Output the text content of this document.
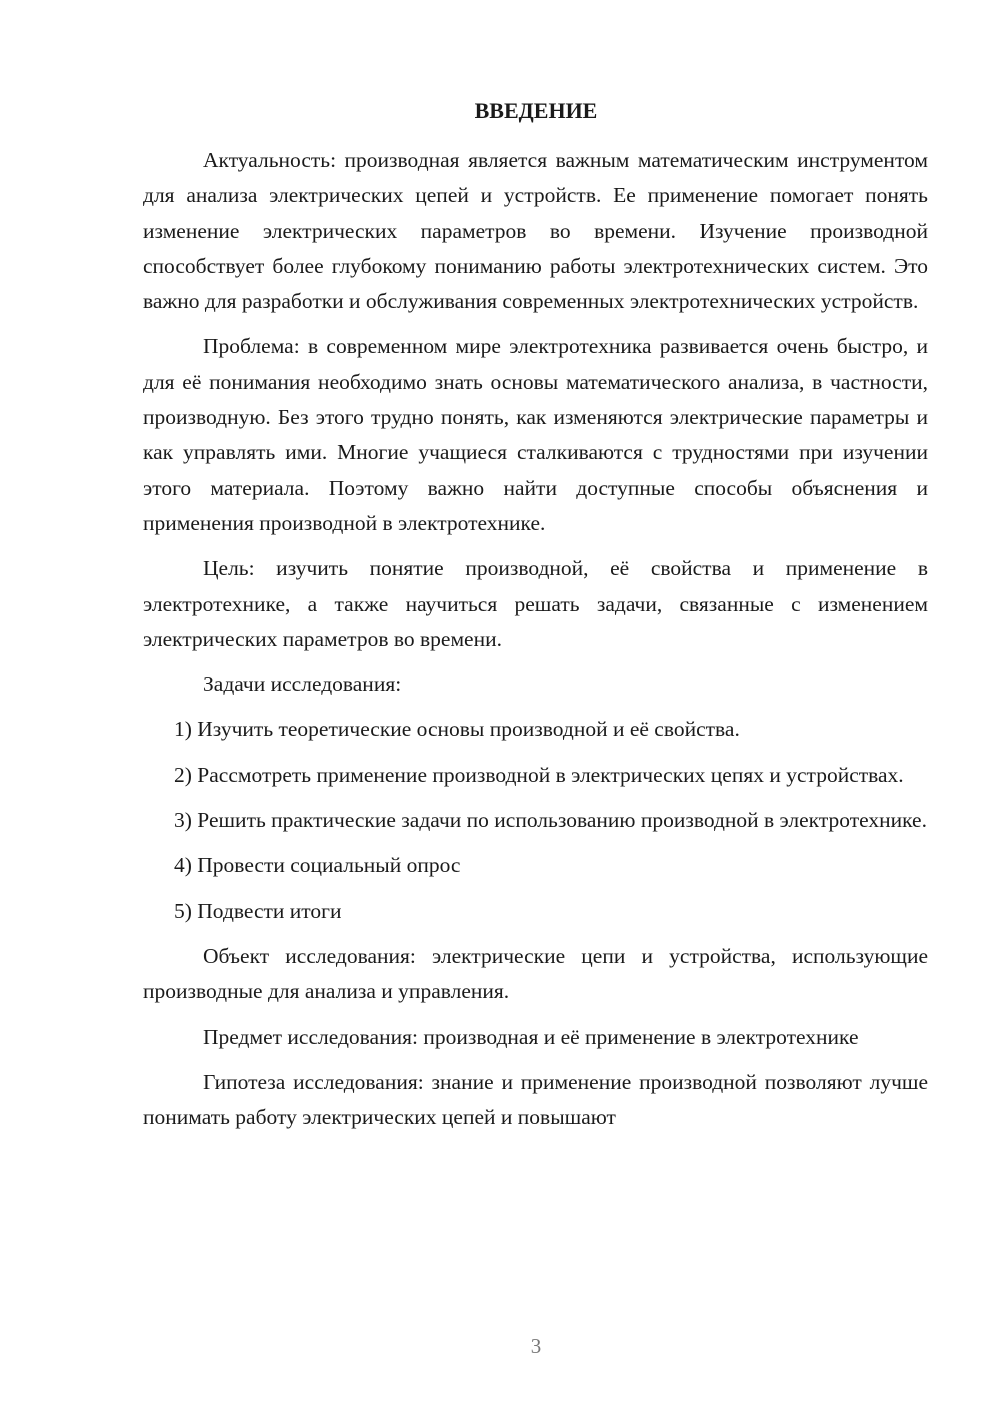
ВВЕДЕНИЕ

Актуальность: производная является важным математическим инструментом для анализа электрических цепей и устройств. Ее применение помогает понять изменение электрических параметров во времени. Изучение производной способствует более глубокому пониманию работы электротехнических систем. Это важно для разработки и обслуживания современных электротехнических устройств.

Проблема: в современном мире электротехника развивается очень быстро, и для её понимания необходимо знать основы математического анализа, в частности, производную. Без этого трудно понять, как изменяются электрические параметры и как управлять ими. Многие учащиеся сталкиваются с трудностями при изучении этого материала. Поэтому важно найти доступные способы объяснения и применения производной в электротехнике.

Цель: изучить понятие производной, её свойства и применение в электротехнике, а также научиться решать задачи, связанные с изменением электрических параметров во времени.

Задачи исследования:

1) Изучить теоретические основы производной и её свойства.

2) Рассмотреть применение производной в электрических цепях и устройствах.

3) Решить практические задачи по использованию производной в электротехнике.

4) Провести социальный опрос

5) Подвести итоги

Объект исследования: электрические цепи и устройства, использующие производные для анализа и управления.

Предмет исследования: производная и её применение в электротехнике

Гипотеза исследования: знание и применение производной позволяют лучше понимать работу электрических цепей и повышают

3
